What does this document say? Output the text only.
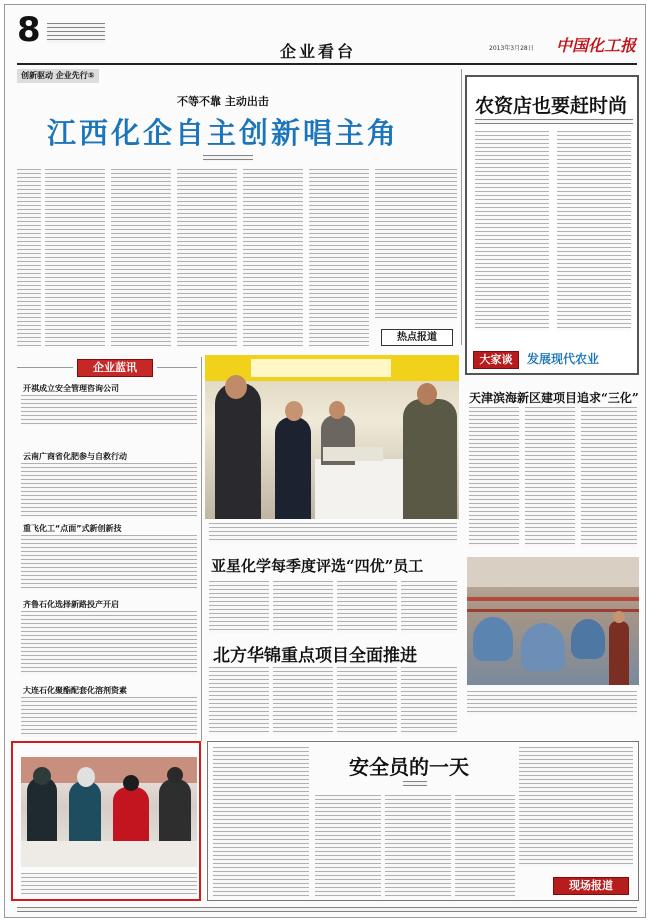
8
企业看台	2013年3月28日 中国化工报
创新驱动 企业先行⑤
不等不靠 主动出击
江西化企自主创新唱主角
热点报道
农资店也要赶时尚
大家谈	发展现代农业
企业蓝讯
开祺成立安全管理咨询公司
云南广商省化肥参与自救行动
重飞化工“点面”式新创新技
齐鲁石化选择新路投产开启
大连石化聚酯配套化溶剂资素
天津滨海新区建项目追求“三化”
亚星化学每季度评选“四优”员工
北方华锦重点项目全面推进
安全员的一天
现场报道
